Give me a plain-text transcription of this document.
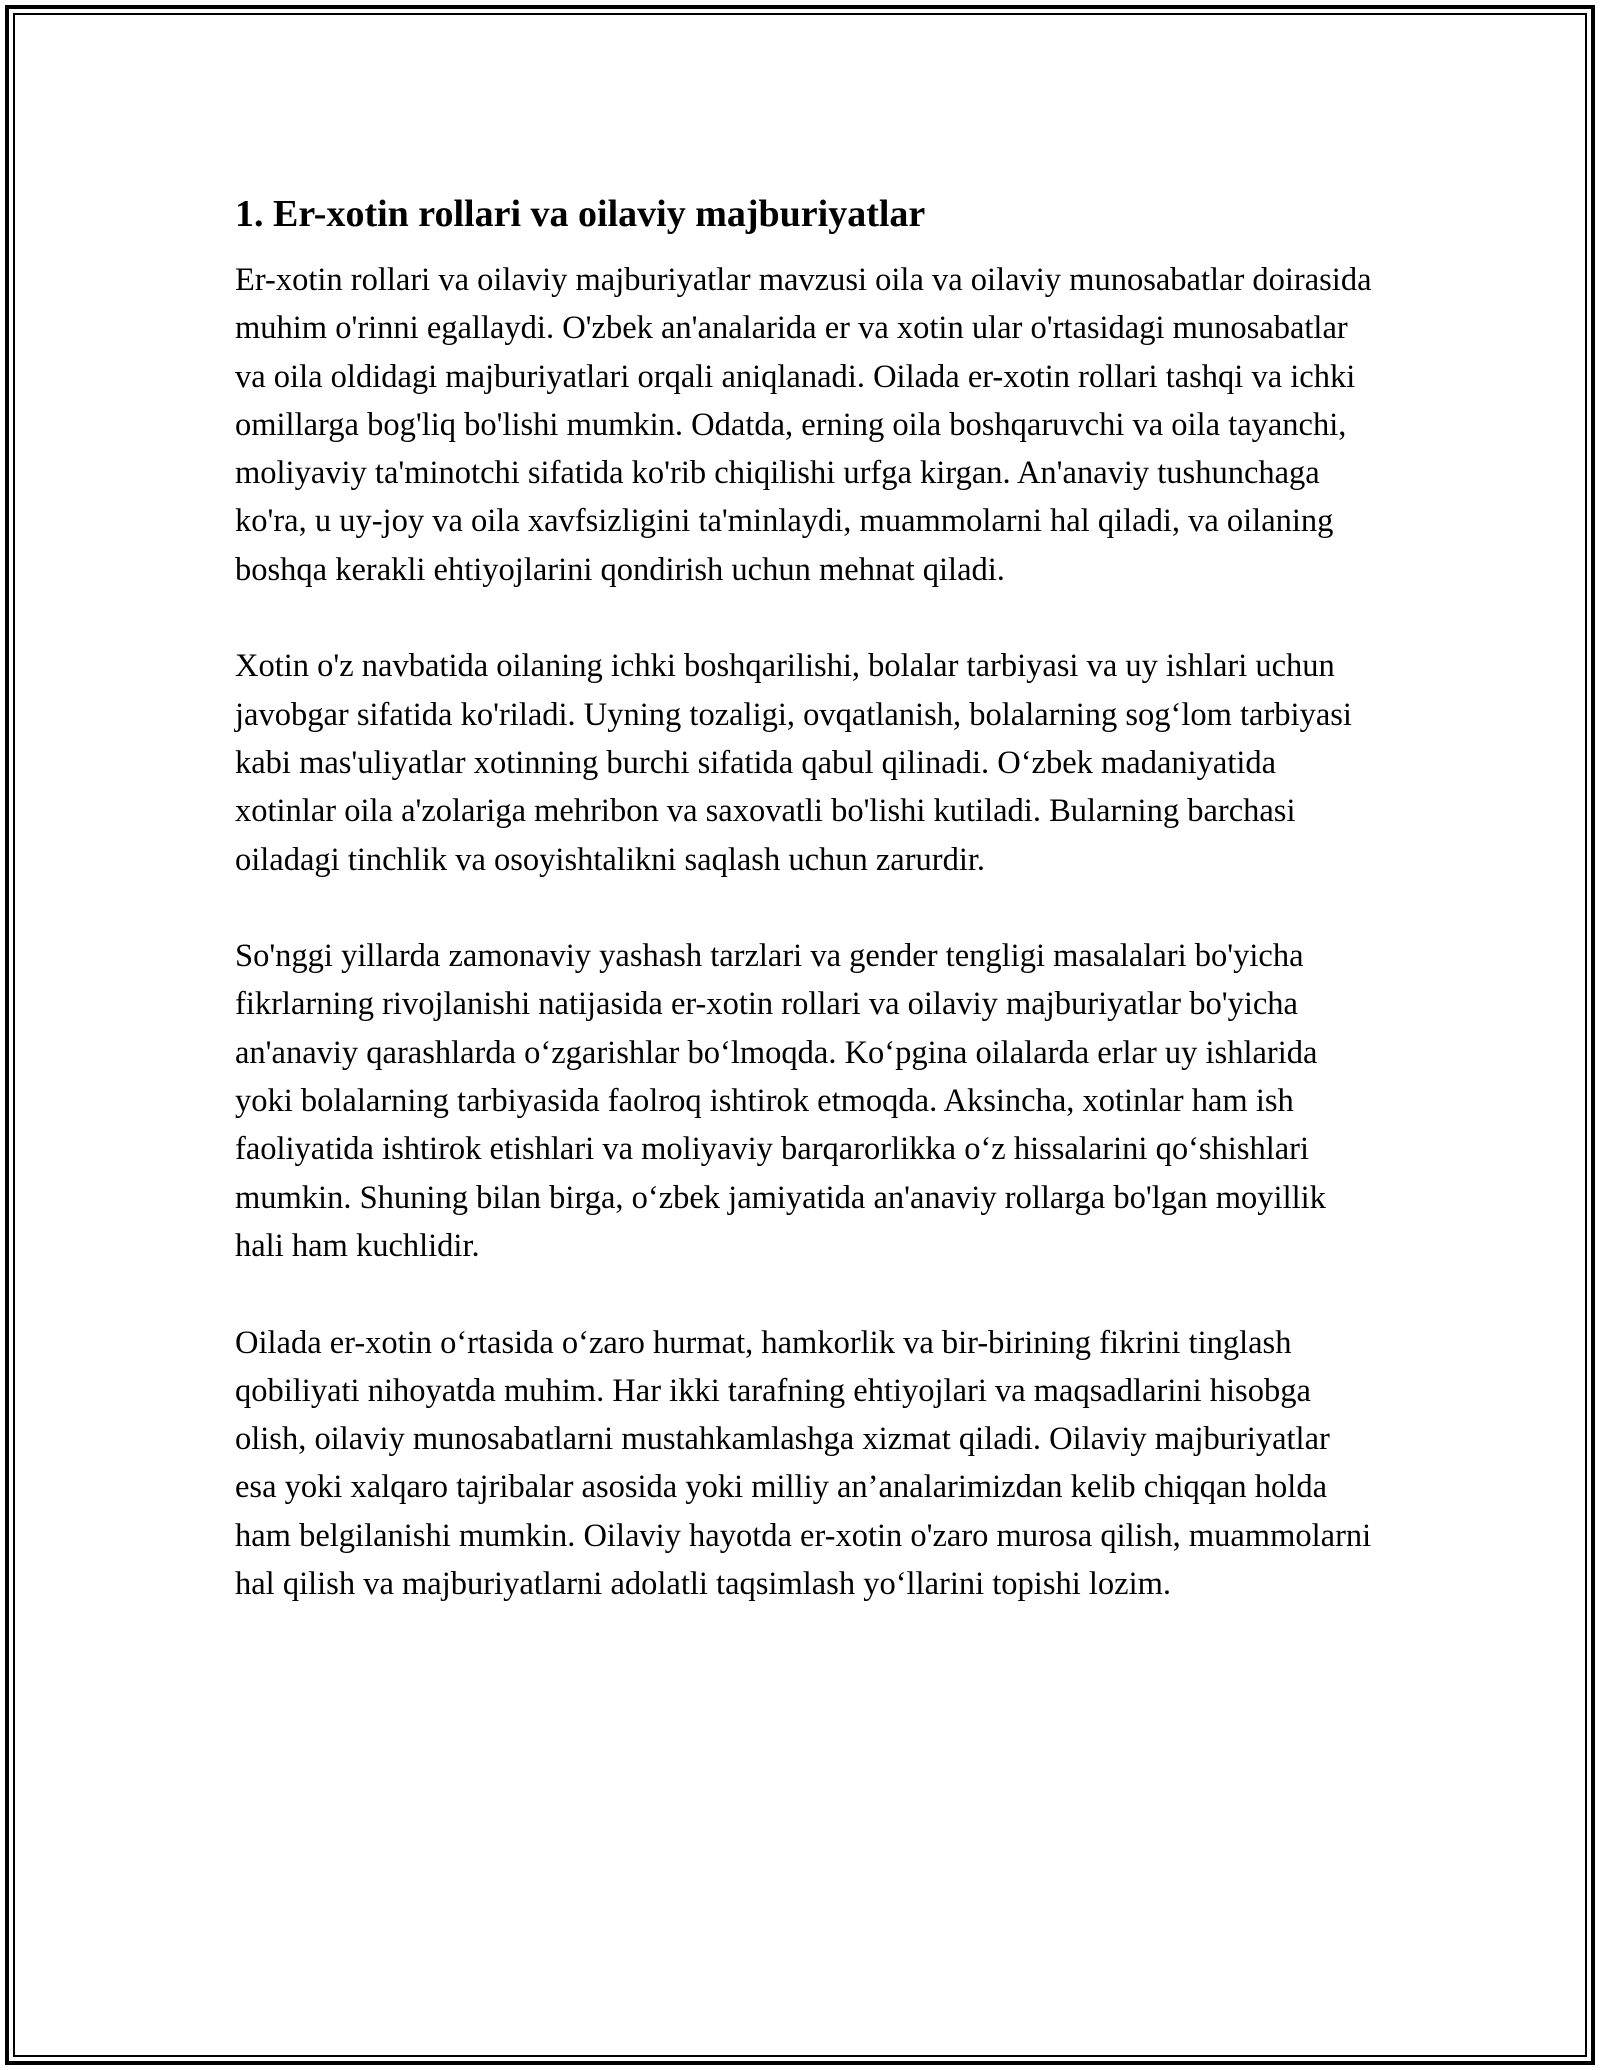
1. Er-xotin rollari va oilaviy majburiyatlar

Er-xotin rollari va oilaviy majburiyatlar mavzusi oila va oilaviy munosabatlar doirasida muhim o'rinni egallaydi. O'zbek an'analarida er va xotin ular o'rtasidagi munosabatlar va oila oldidagi majburiyatlari orqali aniqlanadi. Oilada er-xotin rollari tashqi va ichki omillarga bog'liq bo'lishi mumkin. Odatda, erning oila boshqaruvchi va oila tayanchi, moliyaviy ta'minotchi sifatida ko'rib chiqilishi urfga kirgan. An'anaviy tushunchaga ko'ra, u uy-joy va oila xavfsizligini ta'minlaydi, muammolarni hal qiladi, va oilaning boshqa kerakli ehtiyojlarini qondirish uchun mehnat qiladi.

Xotin o'z navbatida oilaning ichki boshqarilishi, bolalar tarbiyasi va uy ishlari uchun javobgar sifatida ko'riladi. Uyning tozaligi, ovqatlanish, bolalarning sog‘lom tarbiyasi kabi mas'uliyatlar xotinning burchi sifatida qabul qilinadi. O‘zbek madaniyatida xotinlar oila a'zolariga mehribon va saxovatli bo'lishi kutiladi. Bularning barchasi oiladagi tinchlik va osoyishtalikni saqlash uchun zarurdir.

So'nggi yillarda zamonaviy yashash tarzlari va gender tengligi masalalari bo'yicha fikrlarning rivojlanishi natijasida er-xotin rollari va oilaviy majburiyatlar bo'yicha an'anaviy qarashlarda o‘zgarishlar bo‘lmoqda. Ko‘pgina oilalarda erlar uy ishlarida yoki bolalarning tarbiyasida faolroq ishtirok etmoqda. Aksincha, xotinlar ham ish faoliyatida ishtirok etishlari va moliyaviy barqarorlikka o‘z hissalarini qo‘shishlari mumkin. Shuning bilan birga, o‘zbek jamiyatida an'anaviy rollarga bo'lgan moyillik hali ham kuchlidir.

Oilada er-xotin o‘rtasida o‘zaro hurmat, hamkorlik va bir-birining fikrini tinglash qobiliyati nihoyatda muhim. Har ikki tarafning ehtiyojlari va maqsadlarini hisobga olish, oilaviy munosabatlarni mustahkamlashga xizmat qiladi. Oilaviy majburiyatlar esa yoki xalqaro tajribalar asosida yoki milliy an’analarimizdan kelib chiqqan holda ham belgilanishi mumkin. Oilaviy hayotda er-xotin o'zaro murosa qilish, muammolarni hal qilish va majburiyatlarni adolatli taqsimlash yo‘llarini topishi lozim.
